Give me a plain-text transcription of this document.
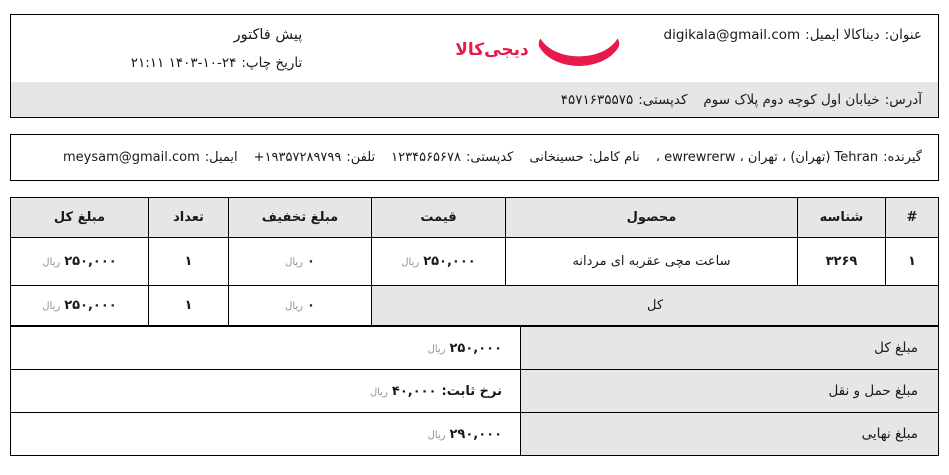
عنوان:
دیناکالا

ایمیل:
digikala@gmail.com
دیجی‌کالا
پیش فاکتور
تاریخ چاپ:
۱۴۰۳-۱۰-۲۴ ۲۱:۱۱
آدرس:
خیابان اول کوچه دوم پلاک سوم
کدپستی:
۴۵۷۱۶۳۵۵۷۵
گیرنده:
Tehran (تهران) ، تهران ، ewrewrerw ،
نام کامل:
حسینخانی
کدپستی:
۱۲۳۴۵۶۵۶۷۸
تلفن:
۱۹۳۵۷۲۸۹۷۹۹+
ایمیل:
meysam@gmail.com
#	شناسه	محصول	قیمت	مبلغ تخفیف	تعداد	مبلغ کل
۱	۳۲۶۹	ساعت مچی عقربه ای مردانه	۲۵۰,۰۰۰ریال	۰ریال	۱	۲۵۰,۰۰۰ریال
کل				۰ریال	۱	۲۵۰,۰۰۰ریال
مبلغ کل	۲۵۰,۰۰۰ریال
مبلغ حمل و نقل	نرخ ثابت:۴۰,۰۰۰ریال
مبلغ نهایی	۲۹۰,۰۰۰ریال
